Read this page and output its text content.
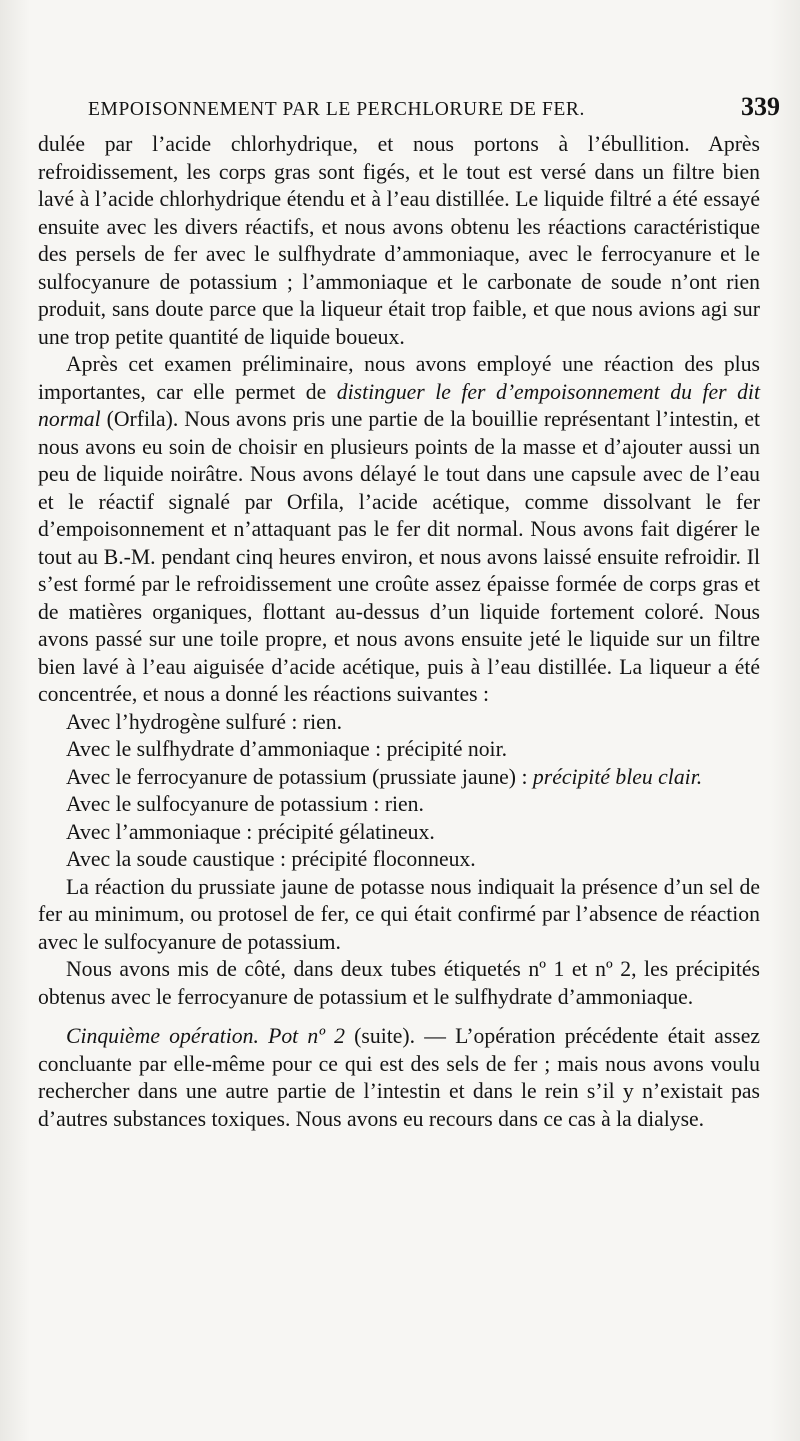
EMPOISONNEMENT PAR LE PERCHLORURE DE FER.	339

dulée par l’acide chlorhydrique, et nous portons à l’ébullition. Après refroidissement, les corps gras sont figés, et le tout est versé dans un filtre bien lavé à l’acide chlorhydrique étendu et à l’eau distillée. Le liquide filtré a été essayé ensuite avec les divers réactifs, et nous avons obtenu les réactions caractéristique des persels de fer avec le sulfhydrate d’ammoniaque, avec le ferrocyanure et le sulfocyanure de potassium ; l’ammoniaque et le carbonate de soude n’ont rien produit, sans doute parce que la liqueur était trop faible, et que nous avions agi sur une trop petite quantité de liquide boueux.

Après cet examen préliminaire, nous avons employé une réaction des plus importantes, car elle permet de distinguer le fer d’empoisonnement du fer dit normal (Orfila). Nous avons pris une partie de la bouillie représentant l’intestin, et nous avons eu soin de choisir en plusieurs points de la masse et d’ajouter aussi un peu de liquide noirâtre. Nous avons délayé le tout dans une capsule avec de l’eau et le réactif signalé par Orfila, l’acide acétique, comme dissolvant le fer d’empoisonnement et n’attaquant pas le fer dit normal. Nous avons fait digérer le tout au B.-M. pendant cinq heures environ, et nous avons laissé ensuite refroidir. Il s’est formé par le refroidissement une croûte assez épaisse formée de corps gras et de matières organiques, flottant au-dessus d’un liquide fortement coloré. Nous avons passé sur une toile propre, et nous avons ensuite jeté le liquide sur un filtre bien lavé à l’eau aiguisée d’acide acétique, puis à l’eau distillée. La liqueur a été concentrée, et nous a donné les réactions suivantes :

Avec l’hydrogène sulfuré : rien.

Avec le sulfhydrate d’ammoniaque : précipité noir.

Avec le ferrocyanure de potassium (prussiate jaune) : précipité bleu clair.

Avec le sulfocyanure de potassium : rien.

Avec l’ammoniaque : précipité gélatineux.

Avec la soude caustique : précipité floconneux.

La réaction du prussiate jaune de potasse nous indiquait la présence d’un sel de fer au minimum, ou protosel de fer, ce qui était confirmé par l’absence de réaction avec le sulfocyanure de potassium.

Nous avons mis de côté, dans deux tubes étiquetés nº 1 et nº 2, les précipités obtenus avec le ferrocyanure de potassium et le sulfhydrate d’ammoniaque.

Cinquième opération. Pot nº 2 (suite). — L’opération précédente était assez concluante par elle-même pour ce qui est des sels de fer ; mais nous avons voulu rechercher dans une autre partie de l’intestin et dans le rein s’il y n’existait pas d’autres substances toxiques. Nous avons eu recours dans ce cas à la dialyse.
